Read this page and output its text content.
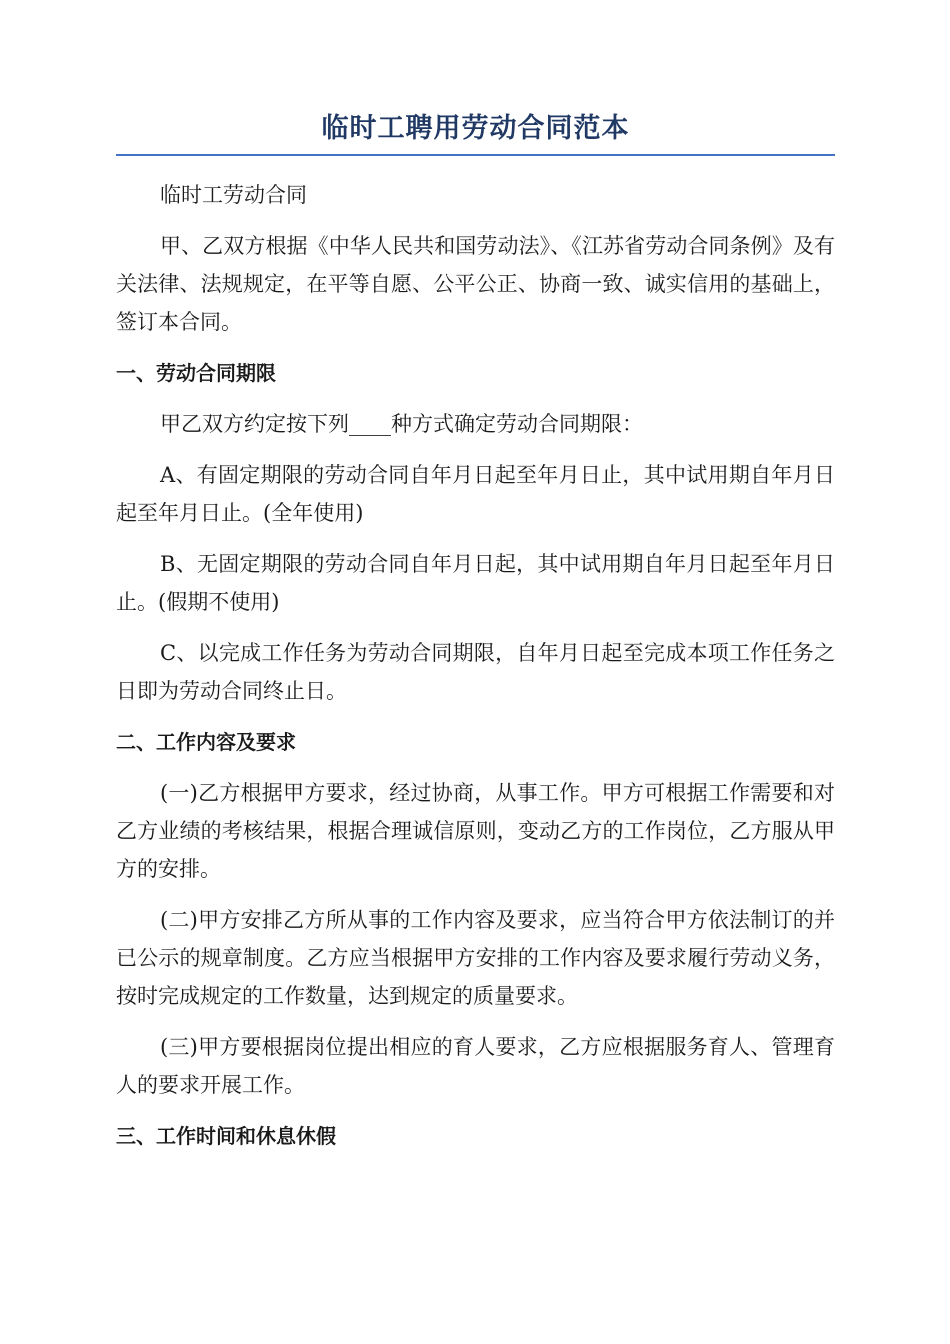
临时工聘用劳动合同范本

临时工劳动合同

甲、乙双方根据《中华人民共和国劳动法》、《江苏省劳动合同条例》及有关法律、法规规定，在平等自愿、公平公正、协商一致、诚实信用的基础上，签订本合同。

一、劳动合同期限

甲乙双方约定按下列____种方式确定劳动合同期限：

A、有固定期限的劳动合同自年月日起至年月日止，其中试用期自年月日起至年月日止。(全年使用)

B、无固定期限的劳动合同自年月日起，其中试用期自年月日起至年月日止。(假期不使用)

C、以完成工作任务为劳动合同期限，自年月日起至完成本项工作任务之日即为劳动合同终止日。

二、工作内容及要求

(一)乙方根据甲方要求，经过协商，从事工作。甲方可根据工作需要和对乙方业绩的考核结果，根据合理诚信原则，变动乙方的工作岗位，乙方服从甲方的安排。

(二)甲方安排乙方所从事的工作内容及要求，应当符合甲方依法制订的并已公示的规章制度。乙方应当根据甲方安排的工作内容及要求履行劳动义务，按时完成规定的工作数量，达到规定的质量要求。

(三)甲方要根据岗位提出相应的育人要求，乙方应根据服务育人、管理育人的要求开展工作。

三、工作时间和休息休假
